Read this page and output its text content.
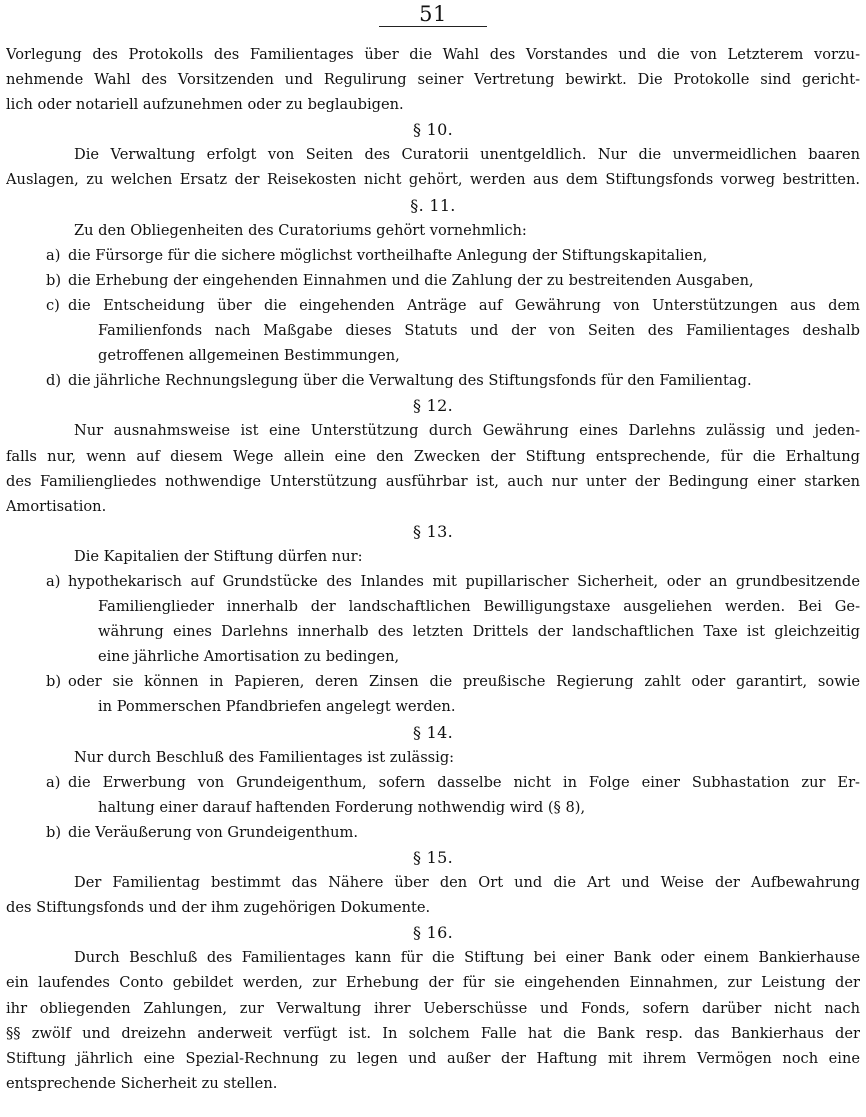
51
Vorlegung des Protokolls des Familientages über die Wahl des Vorstandes und die von Letzterem vorzu-
nehmende Wahl des Vorsitzenden und Regulirung seiner Vertretung bewirkt. Die Protokolle sind gericht-
lich oder notariell aufzunehmen oder zu beglaubigen.
§ 10.
Die Verwaltung erfolgt von Seiten des Curatorii unentgeldlich. Nur die unvermeidlichen baaren
Auslagen, zu welchen Ersatz der Reisekosten nicht gehört, werden aus dem Stiftungsfonds vorweg bestritten.
§. 11.
Zu den Obliegenheiten des Curatoriums gehört vornehmlich:
a) die Fürsorge für die sichere möglichst vortheilhafte Anlegung der Stiftungskapitalien,
b) die Erhebung der eingehenden Einnahmen und die Zahlung der zu bestreitenden Ausgaben,
c) die Entscheidung über die eingehenden Anträge auf Gewährung von Unterstützungen aus dem
Familienfonds nach Maßgabe dieses Statuts und der von Seiten des Familientages deshalb
getroffenen allgemeinen Bestimmungen,
d) die jährliche Rechnungslegung über die Verwaltung des Stiftungsfonds für den Familientag.
§ 12.
Nur ausnahmsweise ist eine Unterstützung durch Gewährung eines Darlehns zulässig und jeden-
falls nur, wenn auf diesem Wege allein eine den Zwecken der Stiftung entsprechende, für die Erhaltung
des Familiengliedes nothwendige Unterstützung ausführbar ist, auch nur unter der Bedingung einer starken
Amortisation.
§ 13.
Die Kapitalien der Stiftung dürfen nur:
a) hypothekarisch auf Grundstücke des Inlandes mit pupillarischer Sicherheit, oder an grundbesitzende
Familienglieder innerhalb der landschaftlichen Bewilligungstaxe ausgeliehen werden. Bei Ge-
währung eines Darlehns innerhalb des letzten Drittels der landschaftlichen Taxe ist gleichzeitig
eine jährliche Amortisation zu bedingen,
b) oder sie können in Papieren, deren Zinsen die preußische Regierung zahlt oder garantirt, sowie
in Pommerschen Pfandbriefen angelegt werden.
§ 14.
Nur durch Beschluß des Familientages ist zulässig:
a) die Erwerbung von Grundeigenthum, sofern dasselbe nicht in Folge einer Subhastation zur Er-
haltung einer darauf haftenden Forderung nothwendig wird (§ 8),
b) die Veräußerung von Grundeigenthum.
§ 15.
Der Familientag bestimmt das Nähere über den Ort und die Art und Weise der Aufbewahrung
des Stiftungsfonds und der ihm zugehörigen Dokumente.
§ 16.
Durch Beschluß des Familientages kann für die Stiftung bei einer Bank oder einem Bankierhause
ein laufendes Conto gebildet werden, zur Erhebung der für sie eingehenden Einnahmen, zur Leistung der
ihr obliegenden Zahlungen, zur Verwaltung ihrer Ueberschüsse und Fonds, sofern darüber nicht nach
§§ zwölf und dreizehn anderweit verfügt ist. In solchem Falle hat die Bank resp. das Bankierhaus der
Stiftung jährlich eine Spezial-Rechnung zu legen und außer der Haftung mit ihrem Vermögen noch eine
entsprechende Sicherheit zu stellen.
